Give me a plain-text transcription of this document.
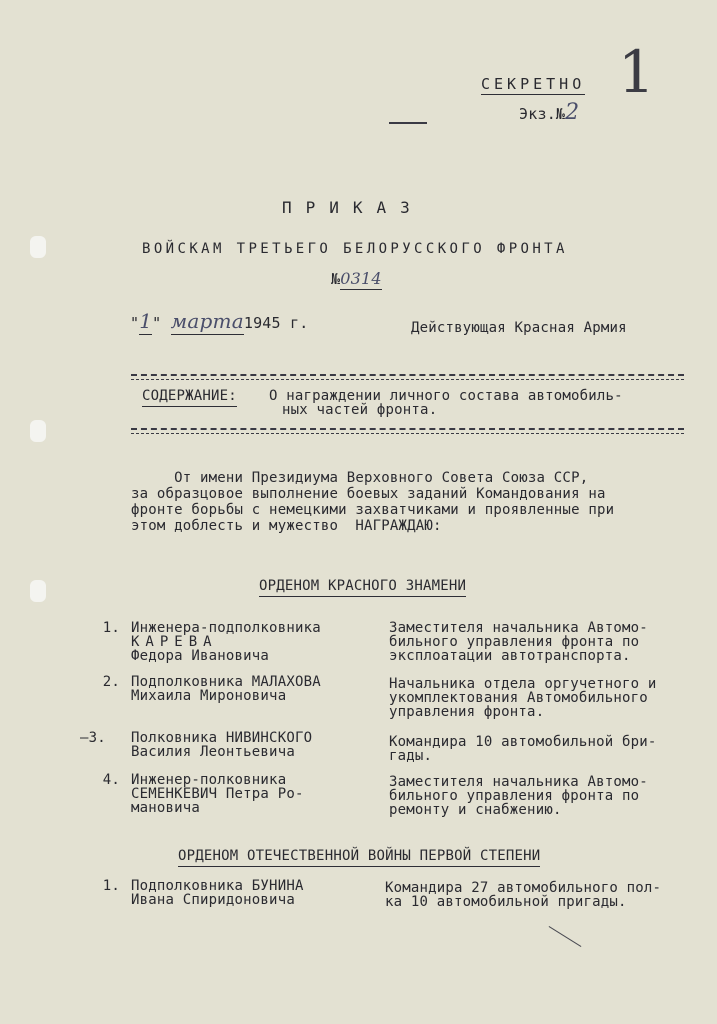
СЕКРЕТНО
Экз.№2
1
ПРИКАЗ
ВОЙСКАМ ТРЕТЬЕГО БЕЛОРУССКОГО ФРОНТА
№0314
"1" марта1945 г.	Действующая Красная Армия
СОДЕРЖАНИЕ: О награждении личного состава автомобиль-
ных частей фронта.
От имени Президиума Верховного Совета Союза ССР,
за образцовое выполнение боевых заданий Командования на
фронте борьбы с немецкими захватчиками и проявленные при
этом доблесть и мужество  НАГРАЖДАЮ:
ОРДЕНОМ КРАСНОГО ЗНАМЕНИ
1. Инженера-подполковника
КАРЕВА
Федора Ивановича
Заместителя начальника Автомо-
бильного управления фронта по
эксплоатации автотранспорта.
2. Подполковника МАЛАХОВА
Михаила Мироновича
Начальника отдела оргучетного и
укомплектования Автомобильного
управления фронта.
—3. Полковника НИВИНСКОГО
Василия Леонтьевича
Командира 10 автомобильной бри-
гады.
4. Инженер-полковника
СЕМЕНКЕВИЧ Петра Ро-
мановича
Заместителя начальника Автомо-
бильного управления фронта по
ремонту и снабжению.
ОРДЕНОМ ОТЕЧЕСТВЕННОЙ ВОЙНЫ ПЕРВОЙ СТЕПЕНИ
1. Подполковника БУНИНА
Ивана Спиридоновича
Командира 27 автомобильного пол-
ка 10 автомобильной пригады.
